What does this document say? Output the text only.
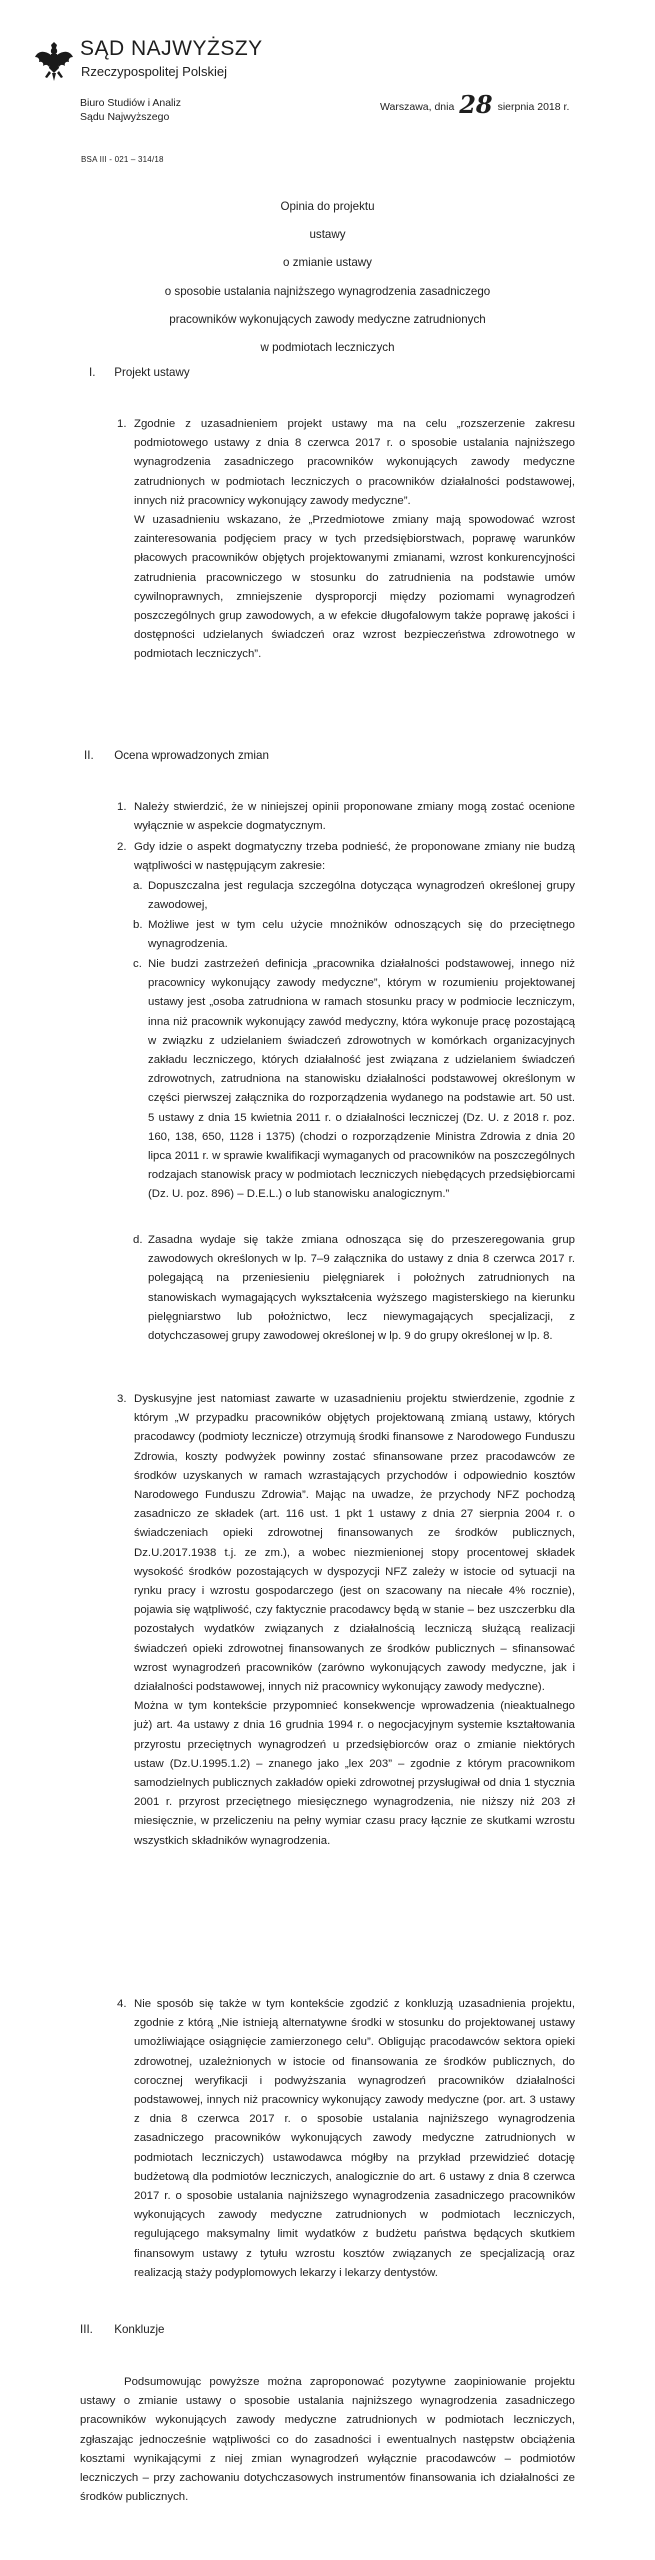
SĄD NAJWYŻSZY
Rzeczypospolitej Polskiej
Biuro Studiów i Analiz
Sądu Najwyższego
Warszawa, dnia 28 sierpnia 2018 r.
BSA III - 021 – 314/18
Opinia do projektu
ustawy
o zmianie ustawy
o sposobie ustalania najniższego wynagrodzenia zasadniczego
pracowników wykonujących zawody medyczne zatrudnionych
w podmiotach leczniczych
I. Projekt ustawy
1. Zgodnie z uzasadnieniem projekt ustawy ma na celu „rozszerzenie zakresu podmiotowego ustawy z dnia 8 czerwca 2017 r. o sposobie ustalania najniższego wynagrodzenia zasadniczego pracowników wykonujących zawody medyczne zatrudnionych w podmiotach leczniczych o pracowników działalności podstawowej, innych niż pracownicy wykonujący zawody medyczne”.

W uzasadnieniu wskazano, że „Przedmiotowe zmiany mają spowodować wzrost zainteresowania podjęciem pracy w tych przedsiębiorstwach, poprawę warunków płacowych pracowników objętych projektowanymi zmianami, wzrost konkurencyjności zatrudnienia pracowniczego w stosunku do zatrudnienia na podstawie umów cywilnoprawnych, zmniejszenie dysproporcji między poziomami wynagrodzeń poszczególnych grup zawodowych, a w efekcie długofalowym także poprawę jakości i dostępności udzielanych świadczeń oraz wzrost bezpieczeństwa zdrowotnego w podmiotach leczniczych”.

II. Ocena wprowadzonych zmian
1. Należy stwierdzić, że w niniejszej opinii proponowane zmiany mogą zostać ocenione wyłącznie w aspekcie dogmatycznym.

2. Gdy idzie o aspekt dogmatyczny trzeba podnieść, że proponowane zmiany nie budzą wątpliwości w następującym zakresie:

a. Dopuszczalna jest regulacja szczególna dotycząca wynagrodzeń określonej grupy zawodowej,

b. Możliwe jest w tym celu użycie mnożników odnoszących się do przeciętnego wynagrodzenia.

c. Nie budzi zastrzeżeń definicja „pracownika działalności podstawowej, innego niż pracownicy wykonujący zawody medyczne”, którym w rozumieniu projektowanej ustawy jest „osoba zatrudniona w ramach stosunku pracy w podmiocie leczniczym, inna niż pracownik wykonujący zawód medyczny, która wykonuje pracę pozostającą w związku z udzielaniem świadczeń zdrowotnych w komórkach organizacyjnych zakładu leczniczego, których działalność jest związana z udzielaniem świadczeń zdrowotnych, zatrudniona na stanowisku działalności podstawowej określonym w części pierwszej załącznika do rozporządzenia wydanego na podstawie art. 50 ust. 5 ustawy z dnia 15 kwietnia 2011 r. o działalności leczniczej (Dz. U. z 2018 r. poz. 160, 138, 650, 1128 i 1375) (chodzi o rozporządzenie Ministra Zdrowia z dnia 20 lipca 2011 r. w sprawie kwalifikacji wymaganych od pracowników na poszczególnych rodzajach stanowisk pracy w podmiotach leczniczych niebędących przedsiębiorcami (Dz. U. poz. 896) – D.E.L.) o lub stanowisku analogicznym.”

d. Zasadna wydaje się także zmiana odnosząca się do przeszeregowania grup zawodowych określonych w lp. 7–9 załącznika do ustawy z dnia 8 czerwca 2017 r. polegającą na przeniesieniu pielęgniarek i położnych zatrudnionych na stanowiskach wymagających wykształcenia wyższego magisterskiego na kierunku pielęgniarstwo lub położnictwo, lecz niewymagających specjalizacji, z dotychczasowej grupy zawodowej określonej w lp. 9 do grupy określonej w lp. 8.

3. Dyskusyjne jest natomiast zawarte w uzasadnieniu projektu stwierdzenie, zgodnie z którym „W przypadku pracowników objętych projektowaną zmianą ustawy, których pracodawcy (podmioty lecznicze) otrzymują środki finansowe z Narodowego Funduszu Zdrowia, koszty podwyżek powinny zostać sfinansowane przez pracodawców ze środków uzyskanych w ramach wzrastających przychodów i odpowiednio kosztów Narodowego Funduszu Zdrowia”. Mając na uwadze, że przychody NFZ pochodzą zasadniczo ze składek (art. 116 ust. 1 pkt 1 ustawy z dnia 27 sierpnia 2004 r. o świadczeniach opieki zdrowotnej finansowanych ze środków publicznych, Dz.U.2017.1938 t.j. ze zm.), a wobec niezmienionej stopy procentowej składek wysokość środków pozostających w dyspozycji NFZ zależy w istocie od sytuacji na rynku pracy i wzrostu gospodarczego (jest on szacowany na niecałe 4% rocznie), pojawia się wątpliwość, czy faktycznie pracodawcy będą w stanie – bez uszczerbku dla pozostałych wydatków związanych z działalnością leczniczą służącą realizacji świadczeń opieki zdrowotnej finansowanych ze środków publicznych – sfinansować wzrost wynagrodzeń pracowników (zarówno wykonujących zawody medyczne, jak i działalności podstawowej, innych niż pracownicy wykonujący zawody medyczne).

Można w tym kontekście przypomnieć konsekwencje wprowadzenia (nieaktualnego już) art. 4a ustawy z dnia 16 grudnia 1994 r. o negocjacyjnym systemie kształtowania przyrostu przeciętnych wynagrodzeń u przedsiębiorców oraz o zmianie niektórych ustaw (Dz.U.1995.1.2) – znanego jako „lex 203” – zgodnie z którym pracownikom samodzielnych publicznych zakładów opieki zdrowotnej przysługiwał od dnia 1 stycznia 2001 r. przyrost przeciętnego miesięcznego wynagrodzenia, nie niższy niż 203 zł miesięcznie, w przeliczeniu na pełny wymiar czasu pracy łącznie ze skutkami wzrostu wszystkich składników wynagrodzenia.

4. Nie sposób się także w tym kontekście zgodzić z konkluzją uzasadnienia projektu, zgodnie z którą „Nie istnieją alternatywne środki w stosunku do projektowanej ustawy umożliwiające osiągnięcie zamierzonego celu”. Obligując pracodawców sektora opieki zdrowotnej, uzależnionych w istocie od finansowania ze środków publicznych, do corocznej weryfikacji i podwyższania wynagrodzeń pracowników działalności podstawowej, innych niż pracownicy wykonujący zawody medyczne (por. art. 3 ustawy z dnia 8 czerwca 2017 r. o sposobie ustalania najniższego wynagrodzenia zasadniczego pracowników wykonujących zawody medyczne zatrudnionych w podmiotach leczniczych) ustawodawca mógłby na przykład przewidzieć dotację budżetową dla podmiotów leczniczych, analogicznie do art. 6 ustawy z dnia 8 czerwca 2017 r. o sposobie ustalania najniższego wynagrodzenia zasadniczego pracowników wykonujących zawody medyczne zatrudnionych w podmiotach leczniczych, regulującego maksymalny limit wydatków z budżetu państwa będących skutkiem finansowym ustawy z tytułu wzrostu kosztów związanych ze specjalizacją oraz realizacją staży podyplomowych lekarzy i lekarzy dentystów.

III. Konkluzje

Podsumowując powyższe można zaproponować pozytywne zaopiniowanie projektu ustawy o zmianie ustawy o sposobie ustalania najniższego wynagrodzenia zasadniczego pracowników wykonujących zawody medyczne zatrudnionych w podmiotach leczniczych, zgłaszając jednocześnie wątpliwości co do zasadności i ewentualnych następstw obciążenia kosztami wynikającymi z niej zmian wynagrodzeń wyłącznie pracodawców – podmiotów leczniczych – przy zachowaniu dotychczasowych instrumentów finansowania ich działalności ze środków publicznych.
